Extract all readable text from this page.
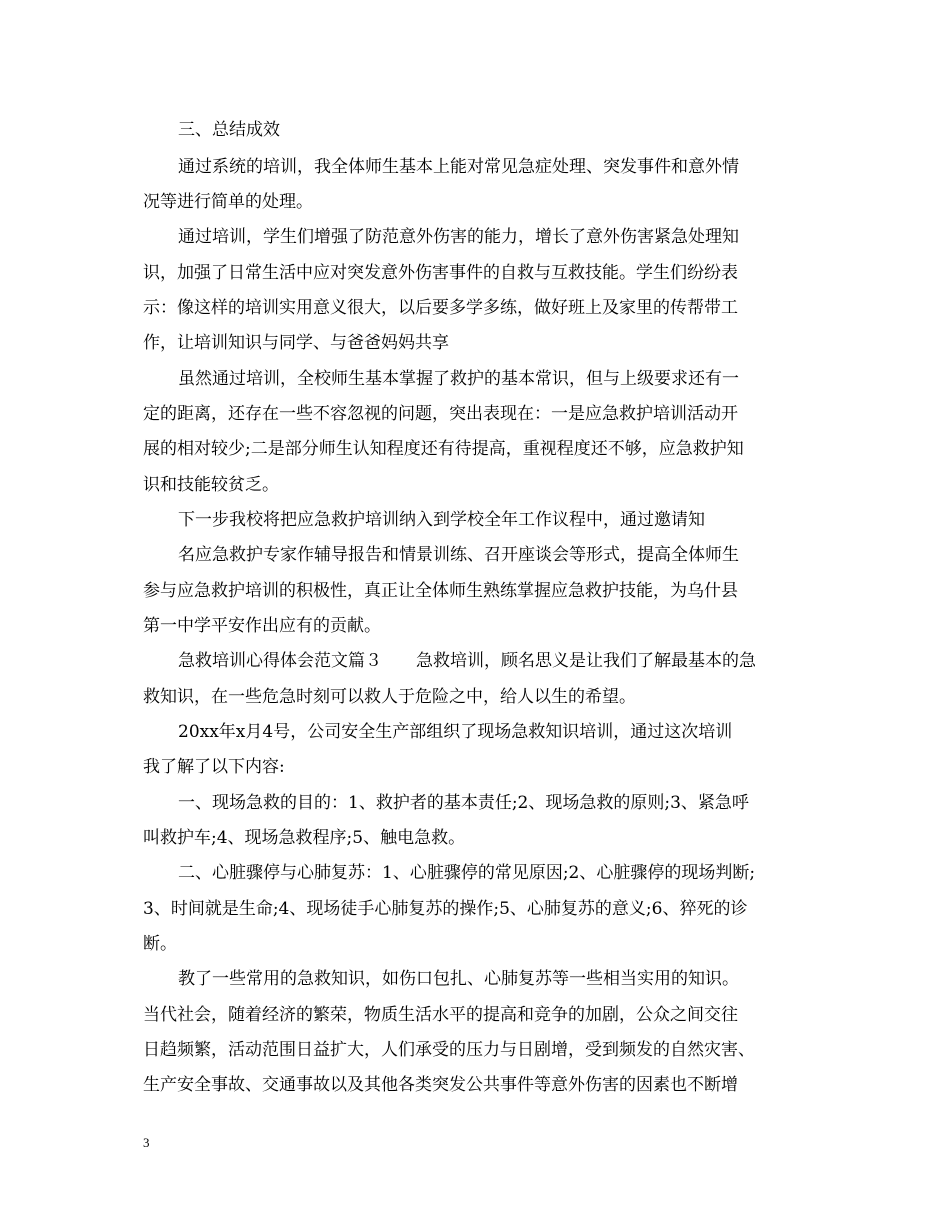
三、总结成效
通过系统的培训，我全体师生基本上能对常见急症处理、突发事件和意外情
况等进行简单的处理。
通过培训，学生们增强了防范意外伤害的能力，增长了意外伤害紧急处理知
识，加强了日常生活中应对突发意外伤害事件的自救与互救技能。学生们纷纷表
示：像这样的培训实用意义很大，以后要多学多练，做好班上及家里的传帮带工
作，让培训知识与同学、与爸爸妈妈共享
虽然通过培训，全校师生基本掌握了救护的基本常识，但与上级要求还有一
定的距离，还存在一些不容忽视的问题，突出表现在：一是应急救护培训活动开
展的相对较少;二是部分师生认知程度还有待提高，重视程度还不够，应急救护知
识和技能较贫乏。
下一步我校将把应急救护培训纳入到学校全年工作议程中，通过邀请知
名应急救护专家作辅导报告和情景训练、召开座谈会等形式，提高全体师生
参与应急救护培训的积极性，真正让全体师生熟练掌握应急救护技能，为乌什县
第一中学平安作出应有的贡献。
急救培训心得体会范文篇３　　急救培训，顾名思义是让我们了解最基本的急
救知识，在一些危急时刻可以救人于危险之中，给人以生的希望。
20xx年x月4号，公司安全生产部组织了现场急救知识培训，通过这次培训
我了解了以下内容:
一、现场急救的目的：1、救护者的基本责任;2、现场急救的原则;3、紧急呼
叫救护车;4、现场急救程序;5、触电急救。
二、心脏骤停与心肺复苏：1、心脏骤停的常见原因;2、心脏骤停的现场判断;
3、时间就是生命;4、现场徒手心肺复苏的操作;5、心肺复苏的意义;6、猝死的诊
断。
教了一些常用的急救知识，如伤口包扎、心肺复苏等一些相当实用的知识。
当代社会，随着经济的繁荣，物质生活水平的提高和竞争的加剧，公众之间交往
日趋频繁，活动范围日益扩大，人们承受的压力与日剧增，受到频发的自然灾害、
生产安全事故、交通事故以及其他各类突发公共事件等意外伤害的因素也不断增
3
